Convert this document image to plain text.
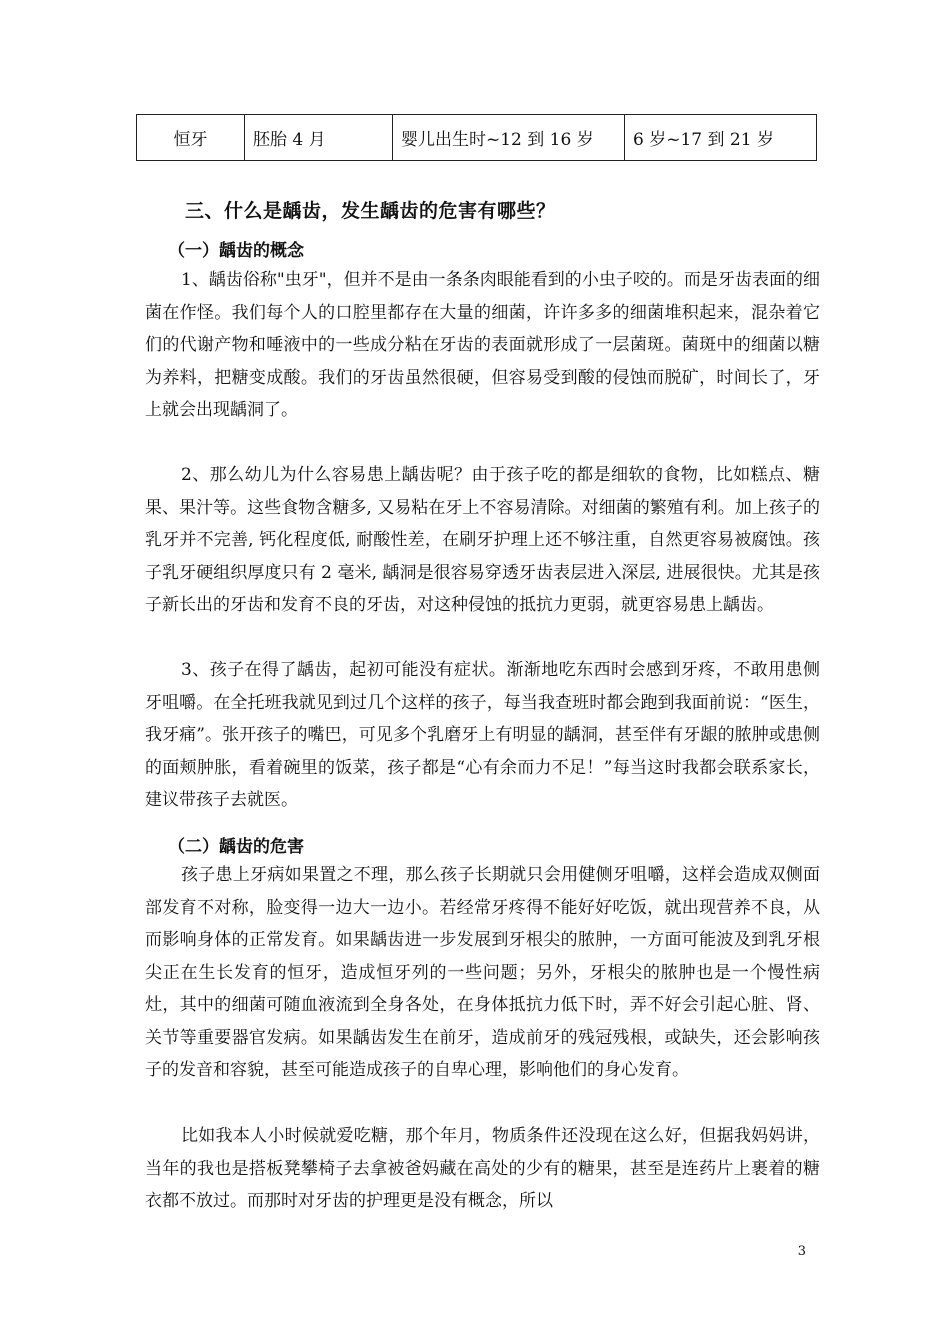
恒牙	胚胎 4 月	婴儿出生时~12 到 16 岁	6 岁~17 到 21 岁
三、什么是龋齿，发生龋齿的危害有哪些？
（一）龋齿的概念

1、龋齿俗称"虫牙"，但并不是由一条条肉眼能看到的小虫子咬的。而是牙齿表面的细菌在作怪。我们每个人的口腔里都存在大量的细菌，许许多多的细菌堆积起来，混杂着它们的代谢产物和唾液中的一些成分粘在牙齿的表面就形成了一层菌斑。菌斑中的细菌以糖为养料，把糖变成酸。我们的牙齿虽然很硬，但容易受到酸的侵蚀而脱矿，时间长了，牙上就会出现龋洞了。

2、那么幼儿为什么容易患上龋齿呢？由于孩子吃的都是细软的食物，比如糕点、糖果、果汁等。这些食物含糖多, 又易粘在牙上不容易清除。对细菌的繁殖有利。加上孩子的乳牙并不完善, 钙化程度低, 耐酸性差，在刷牙护理上还不够注重，自然更容易被腐蚀。孩子乳牙硬组织厚度只有 2 毫米, 龋洞是很容易穿透牙齿表层进入深层, 进展很快。尤其是孩子新长出的牙齿和发育不良的牙齿，对这种侵蚀的抵抗力更弱，就更容易患上龋齿。

3、孩子在得了龋齿，起初可能没有症状。渐渐地吃东西时会感到牙疼，不敢用患侧牙咀嚼。在全托班我就见到过几个这样的孩子，每当我查班时都会跑到我面前说：“医生，我牙痛”。张开孩子的嘴巴，可见多个乳磨牙上有明显的龋洞，甚至伴有牙龈的脓肿或患侧的面颊肿胀，看着碗里的饭菜，孩子都是“心有余而力不足！”每当这时我都会联系家长，建议带孩子去就医。

（二）龋齿的危害

孩子患上牙病如果置之不理，那么孩子长期就只会用健侧牙咀嚼，这样会造成双侧面部发育不对称，脸变得一边大一边小。若经常牙疼得不能好好吃饭，就出现营养不良，从而影响身体的正常发育。如果龋齿进一步发展到牙根尖的脓肿，一方面可能波及到乳牙根尖正在生长发育的恒牙，造成恒牙列的一些问题；另外，牙根尖的脓肿也是一个慢性病灶，其中的细菌可随血液流到全身各处，在身体抵抗力低下时，弄不好会引起心脏、肾、关节等重要器官发病。如果龋齿发生在前牙，造成前牙的残冠残根，或缺失，还会影响孩子的发音和容貌，甚至可能造成孩子的自卑心理，影响他们的身心发育。

比如我本人小时候就爱吃糖，那个年月，物质条件还没现在这么好，但据我妈妈讲，当年的我也是搭板凳攀椅子去拿被爸妈藏在高处的少有的糖果，甚至是连药片上裹着的糖衣都不放过。而那时对牙齿的护理更是没有概念，所以

3
